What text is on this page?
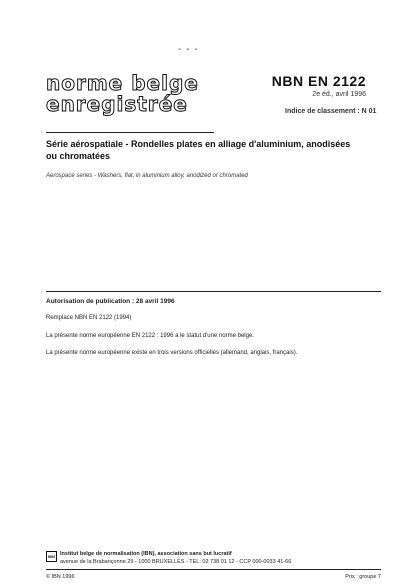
- - -
norme belge
enregistrée
NBN EN 2122
2e éd., avril 1996
Indice de classement : N 01
Série aérospatiale - Rondelles plates en alliage d'aluminium, anodisées
ou chromatées
Aerospace series - Washers, flat, in aluminium alloy, anodized or chromated
Autorisation de publication : 28 avril 1996
Remplace NBN EN 2122 (1994)
La présente norme européenne EN 2122 : 1996 a le statut d'une norme belge.
La présente norme européenne existe en trois versions officielles (allemand, anglais, français).
IBN Institut belge de normalisation (IBN), association sans but lucratif
avenue de la Brabançonne 29 - 1000 BRUXELLES - TEL: 02 738 01 12 - CCP 000-0033 41-66
© IBN 1996	Prix : groupe 7
